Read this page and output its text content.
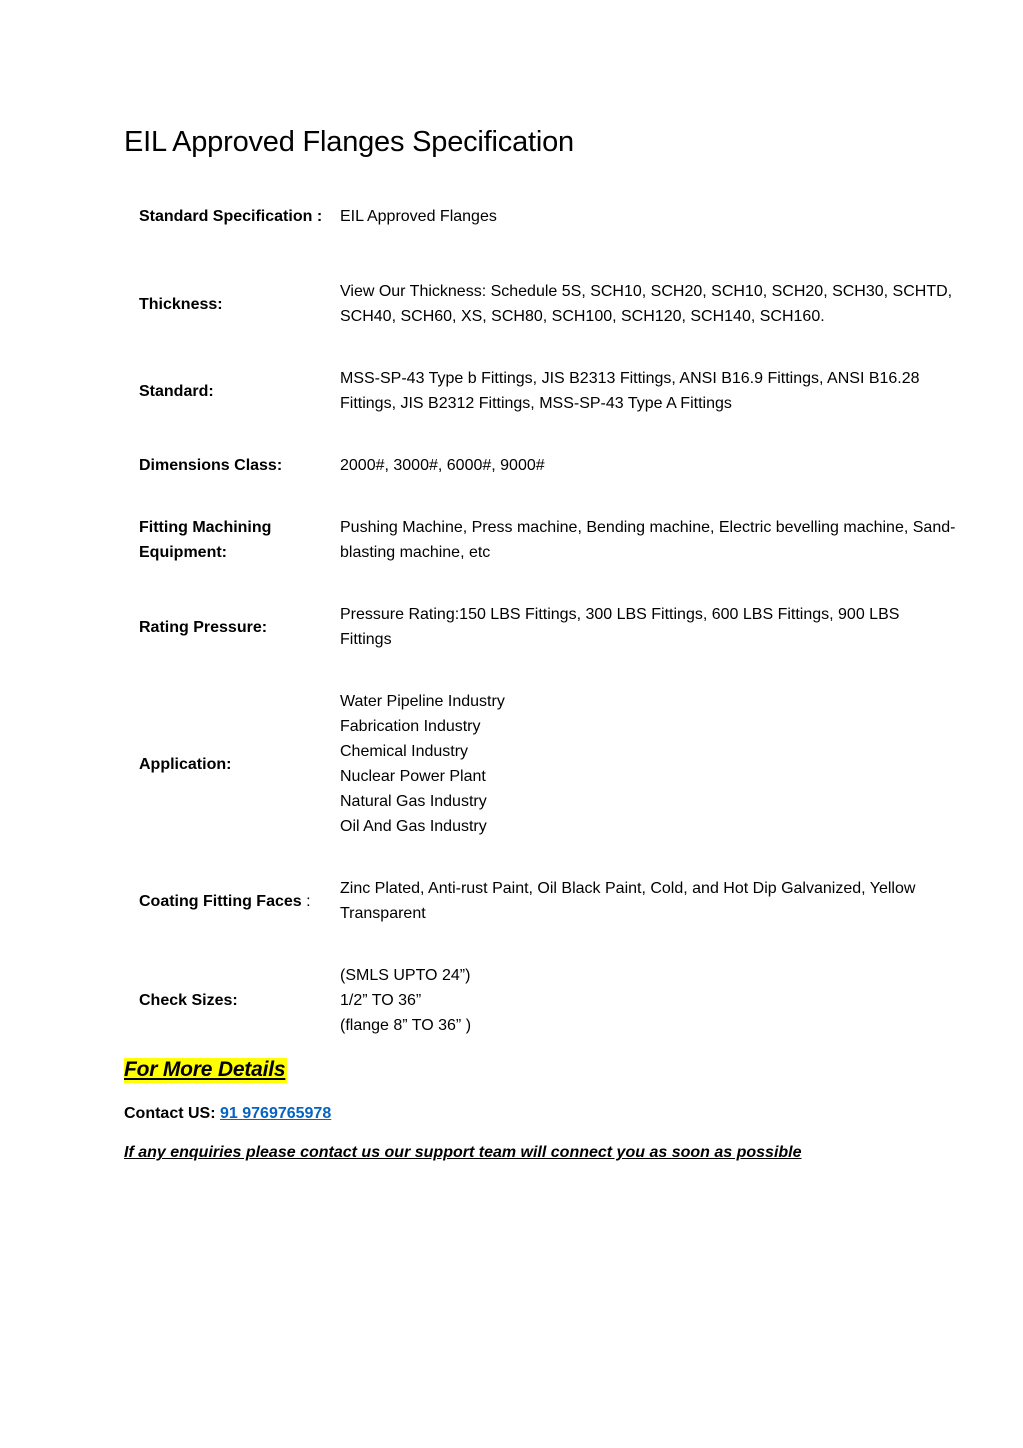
EIL Approved Flanges Specification
Standard Specification :	EIL Approved Flanges
Thickness:
View Our Thickness: Schedule 5S, SCH10, SCH20, SCH10, SCH20, SCH30, SCHTD, SCH40, SCH60, XS, SCH80, SCH100, SCH120, SCH140, SCH160.
Standard:
MSS-SP-43 Type b Fittings, JIS B2313 Fittings, ANSI B16.9 Fittings, ANSI B16.28 Fittings, JIS B2312 Fittings, MSS-SP-43 Type A Fittings
Dimensions Class:	2000#, 3000#, 6000#, 9000#
Fitting Machining Equipment:
Pushing Machine, Press machine, Bending machine, Electric bevelling machine, Sand-blasting machine, etc
Rating Pressure:
Pressure Rating:150 LBS Fittings, 300 LBS Fittings, 600 LBS Fittings, 900 LBS Fittings
Application:
Water Pipeline Industry
Fabrication Industry
Chemical Industry
Nuclear Power Plant
Natural Gas Industry
Oil And Gas Industry
Coating Fitting Faces :
Zinc Plated, Anti-rust Paint, Oil Black Paint, Cold, and Hot Dip Galvanized, Yellow Transparent
Check Sizes:
(SMLS UPTO 24”)
1/2” TO 36”
(flange 8” TO 36” )
For More Details
Contact US: 91 9769765978
If any enquiries please contact us our support team will connect you as soon as possible
